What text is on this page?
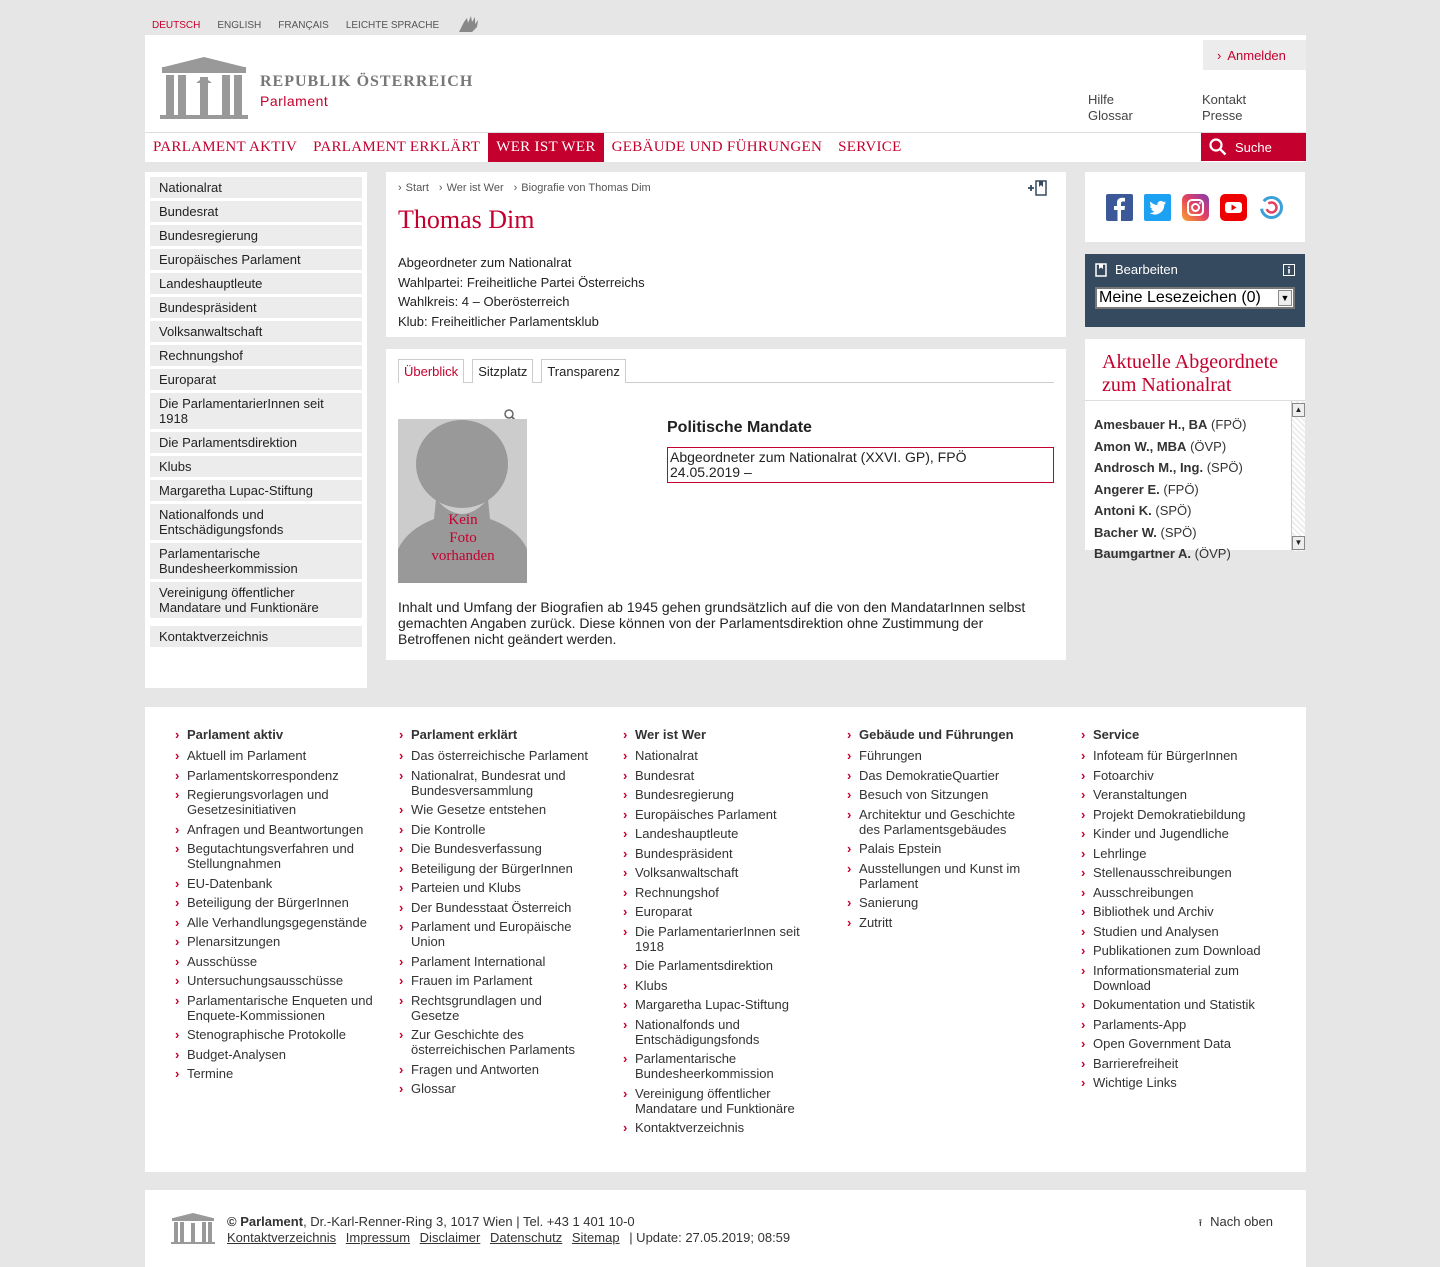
DEUTSCH ENGLISH FRANÇAIS LEICHTE SPRACHE
REPUBLIK ÖSTERREICH
Parlament
› Anmelden
Hilfe
Glossar
Kontakt
Presse
PARLAMENT AKTIV	PARLAMENT ERKLÄRT	WER IST WER	GEBÄUDE UND FÜHRUNGEN	SERVICE	Suche
Nationalrat
Bundesrat
Bundesregierung
Europäisches Parlament
Landeshauptleute
Bundespräsident
Volksanwaltschaft
Rechnungshof
Europarat
Die ParlamentarierInnen seit 1918
Die Parlamentsdirektion
Klubs
Margaretha Lupac-Stiftung
Nationalfonds und Entschädigungsfonds
Parlamentarische Bundesheerkommission
Vereinigung öffentlicher Mandatare und Funktionäre
Kontaktverzeichnis
› Start	› Wer ist Wer	› Biografie von Thomas Dim
Thomas Dim
Abgeordneter zum Nationalrat
Wahlpartei: Freiheitliche Partei Österreichs
Wahlkreis: 4 – Oberösterreich
Klub: Freiheitlicher Parlamentsklub
Überblick	Sitzplatz	Transparenz
Kein
Foto
vorhanden
Politische Mandate
Abgeordneter zum Nationalrat (XXVI. GP), FPÖ
24.05.2019 –
Inhalt und Umfang der Biografien ab 1945 gehen grundsätzlich auf die von den MandatarInnen selbst gemachten Angaben zurück. Diese können von der Parlamentsdirektion ohne Zustimmung der Betroffenen nicht geändert werden.
Bearbeiten
Meine Lesezeichen (0) ▼
Aktuelle Abgeordnete zum Nationalrat
Amesbauer H., BA (FPÖ)
Amon W., MBA (ÖVP)
Androsch M., Ing. (SPÖ)
Angerer E. (FPÖ)
Antoni K. (SPÖ)
Bacher W. (SPÖ)
Baumgartner A. (ÖVP)
▲
▼
› Parlament aktiv
› Aktuell im Parlament
› Parlamentskorrespondenz
› Regierungsvorlagen und Gesetzesinitiativen
› Anfragen und Beantwortungen
› Begutachtungsverfahren und Stellungnahmen
› EU-Datenbank
› Beteiligung der BürgerInnen
› Alle Verhandlungsgegenstände
› Plenarsitzungen
› Ausschüsse
› Untersuchungsausschüsse
› Parlamentarische Enqueten und Enquete-Kommissionen
› Stenographische Protokolle
› Budget-Analysen
› Termine
› Parlament erklärt
› Das österreichische Parlament
› Nationalrat, Bundesrat und Bundesversammlung
› Wie Gesetze entstehen
› Die Kontrolle
› Die Bundesverfassung
› Beteiligung der BürgerInnen
› Parteien und Klubs
› Der Bundesstaat Österreich
› Parlament und Europäische Union
› Parlament International
› Frauen im Parlament
› Rechtsgrundlagen und Gesetze
› Zur Geschichte des österreichischen Parlaments
› Fragen und Antworten
› Glossar
› Wer ist Wer
› Nationalrat
› Bundesrat
› Bundesregierung
› Europäisches Parlament
› Landeshauptleute
› Bundespräsident
› Volksanwaltschaft
› Rechnungshof
› Europarat
› Die ParlamentarierInnen seit 1918
› Die Parlamentsdirektion
› Klubs
› Margaretha Lupac-Stiftung
› Nationalfonds und Entschädigungsfonds
› Parlamentarische Bundesheerkommission
› Vereinigung öffentlicher Mandatare und Funktionäre
› Kontaktverzeichnis
› Gebäude und Führungen
› Führungen
› Das DemokratieQuartier
› Besuch von Sitzungen
› Architektur und Geschichte des Parlamentsgebäudes
› Palais Epstein
› Ausstellungen und Kunst im Parlament
› Sanierung
› Zutritt
› Service
› Infoteam für BürgerInnen
› Fotoarchiv
› Veranstaltungen
› Projekt Demokratiebildung
› Kinder und Jugendliche
› Lehrlinge
› Stellenausschreibungen
› Ausschreibungen
› Bibliothek und Archiv
› Studien und Analysen
› Publikationen zum Download
› Informationsmaterial zum Download
› Dokumentation und Statistik
› Parlaments-App
› Open Government Data
› Barrierefreiheit
› Wichtige Links
© Parlament, Dr.-Karl-Renner-Ring 3, 1017 Wien | Tel. +43 1 401 10-0
Kontaktverzeichnis Impressum Disclaimer Datenschutz Sitemap | Update: 27.05.2019; 08:59
⭱ Nach oben
